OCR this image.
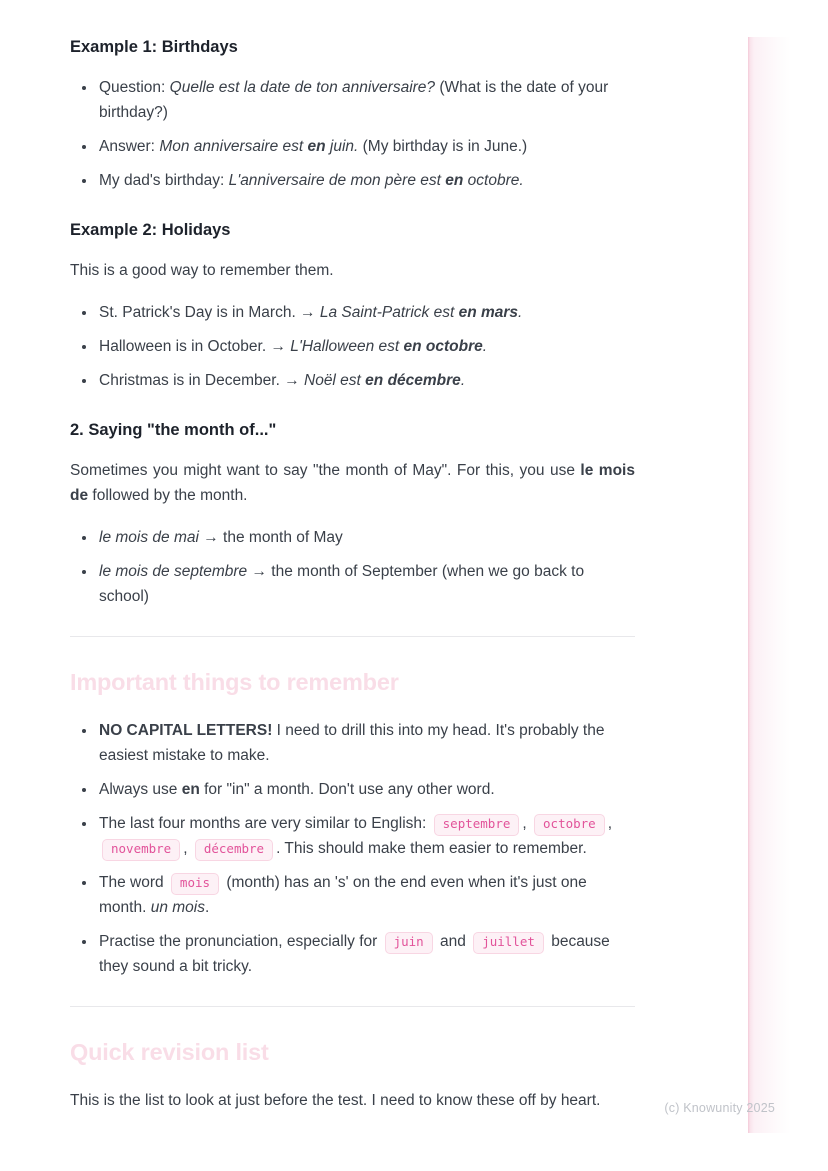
Example 1: Birthdays
• Question: Quelle est la date de ton anniversaire? (What is the date of your birthday?)
• Answer: Mon anniversaire est en juin. (My birthday is in June.)
• My dad's birthday: L'anniversaire de mon père est en octobre.
Example 2: Holidays

This is a good way to remember them.

• St. Patrick's Day is in March. → La Saint-Patrick est en mars.
• Halloween is in October. → L'Halloween est en octobre.
• Christmas is in December. → Noël est en décembre.
2. Saying "the month of..."

Sometimes you might want to say "the month of May". For this, you use le mois de followed by the month.

• le mois de mai → the month of May
• le mois de septembre → the month of September (when we go back to school)
Important things to remember
• NO CAPITAL LETTERS! I need to drill this into my head. It's probably the easiest mistake to make.
• Always use en for "in" a month. Don't use any other word.
• The last four months are very similar to English: septembre , octobre , novembre , décembre . This should make them easier to remember.
• The word mois (month) has an 's' on the end even when it's just one month. un mois.
• Practise the pronunciation, especially for juin and juillet because they sound a bit tricky.
Quick revision list

This is the list to look at just before the test. I need to know these off by heart.	(c) Knowunity 2025
